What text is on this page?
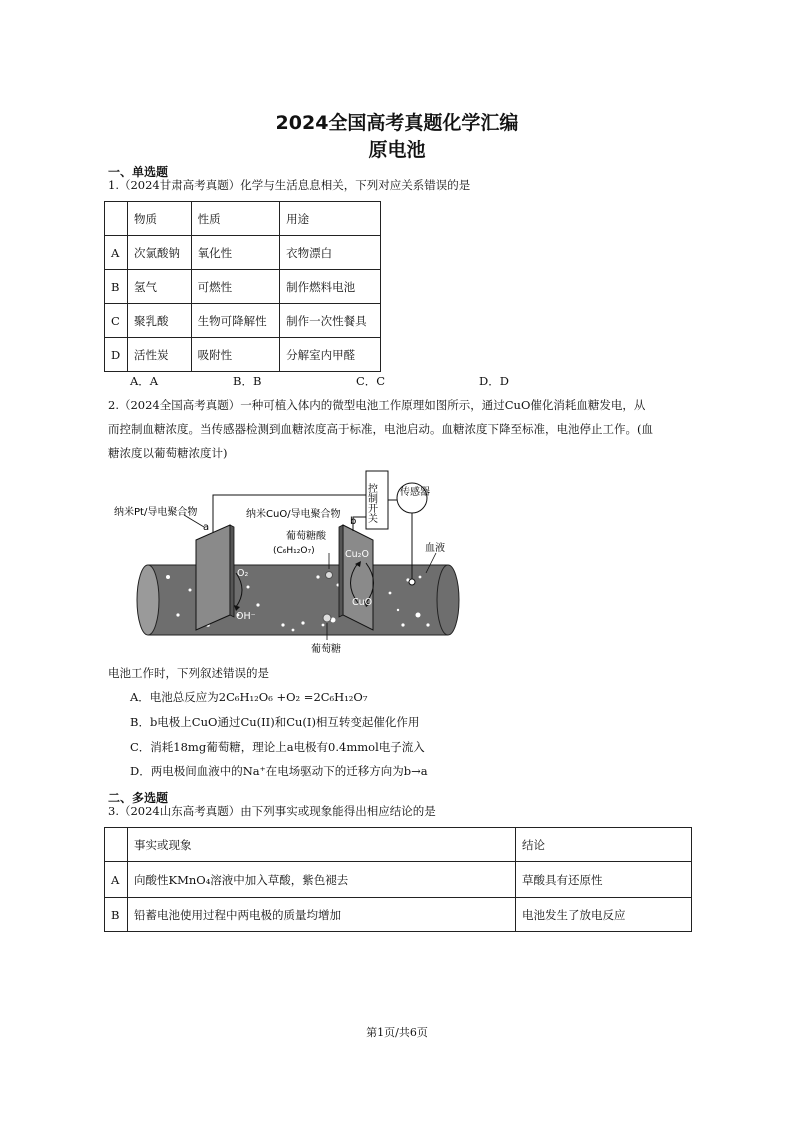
2024全国高考真题化学汇编
原电池
一、单选题
1.（2024甘肃高考真题）化学与生活息息相关，下列对应关系错误的是
	物质	性质	用途
A	次氯酸钠	氧化性	衣物漂白
B	氢气	可燃性	制作燃料电池
C	聚乳酸	生物可降解性	制作一次性餐具
D	活性炭	吸附性	分解室内甲醛
A．A	B．B	C．C	D．D
2.（2024全国高考真题）一种可植入体内的微型电池工作原理如图所示，通过CuO催化消耗血糖发电，从
而控制血糖浓度。当传感器检测到血糖浓度高于标准，电池启动。血糖浓度下降至标准，电池停止工作。(血
糖浓度以葡萄糖浓度计)
纳米Pt/导电聚合物
a
纳米CuO/导电聚合物
b 控制开关 传感器
葡萄糖酸
(C₆H₁₂O₇)
O₂
OH⁻
Cu₂O
CuO
血液
葡萄糖
电池工作时，下列叙述错误的是
A．电池总反应为2C₆H₁₂O₆ +O₂ =2C₆H₁₂O₇
B．b电极上CuO通过Cu(II)和Cu(I)相互转变起催化作用
C．消耗18mg葡萄糖，理论上a电极有0.4mmol电子流入
D．两电极间血液中的Na⁺在电场驱动下的迁移方向为b→a
二、多选题
3.（2024山东高考真题）由下列事实或现象能得出相应结论的是
	事实或现象	结论
A	向酸性KMnO₄溶液中加入草酸，紫色褪去	草酸具有还原性
B	铅蓄电池使用过程中两电极的质量均增加	电池发生了放电反应
第1页/共6页
